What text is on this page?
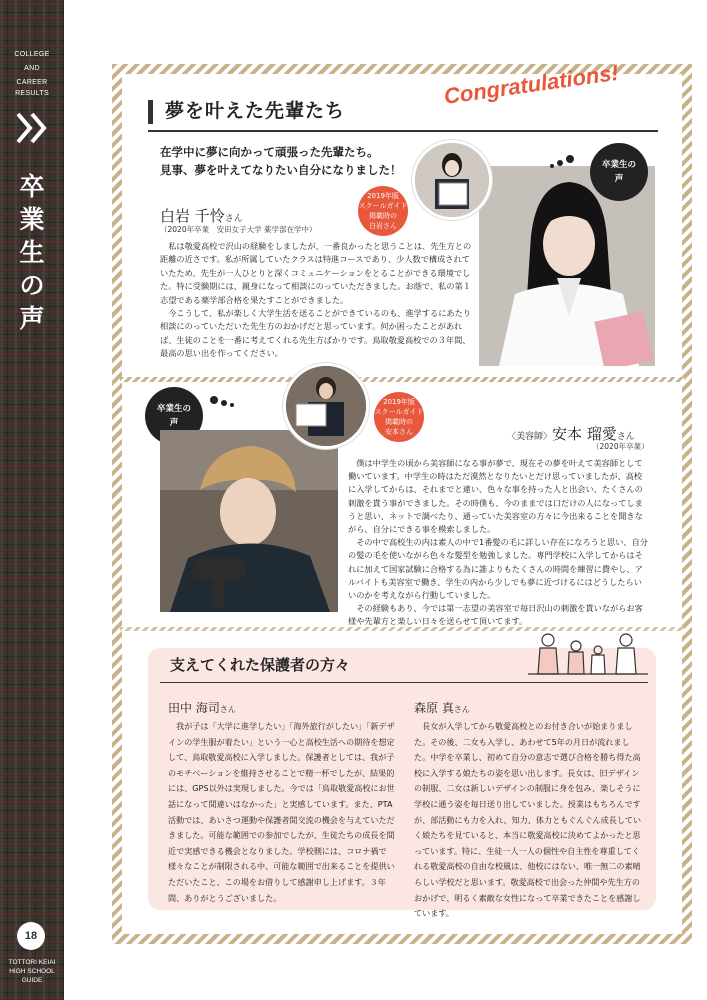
COLLEGE
AND
CAREER RESULTS
卒
業
生
の
声
18
TOTTORI KEIAI
HIGH SCHOOL
GUIDE
夢を叶えた先輩たち
Congratulations!
在学中に夢に向かって頑張った先輩たち。
見事、夢を叶えてなりたい自分になりました！
白岩 千怜さん
（2020年卒業　安田女子大学 薬学部在学中）

私は敬愛高校で沢山の経験をしましたが、一番良かったと思うことは、先生方との距離の近さです。私が所属していたクラスは特進コースであり、少人数で構成されていたため、先生が一人ひとりと深くコミュニケーションをとることができる環境でした。特に受験期には、親身になって相談にのっていただきました。お蔭で、私の第１志望である薬学部合格を果たすことができました。

今こうして、私が楽しく大学生活を送ることができているのも、進学するにあたり相談にのっていただいた先生方のおかげだと思っています。何か困ったことがあれば、生徒のことを一番に考えてくれる先生方ばかりです。鳥取敬愛高校での３年間、最高の思い出を作ってください。

2019年版
スクールガイド
掲載時の
白岩さん
卒業生の
声
卒業生の
声
2019年版
スクールガイド
掲載時の
安本さん	〈美容師〉安本 瑠愛さん
（2020年卒業）

僕は中学生の頃から美容師になる事が夢で、現在その夢を叶えて美容師として働いています。中学生の時はただ漠然となりたいとだけ思っていましたが、高校に入学してからは、それまでと違い、色々な事を持った人と出会い、たくさんの刺激を貰う事ができました。その時僕も、今のままでは口だけの人になってしまうと思い、ネットで調べたり、通っていた美容室の方々に今出来ることを聞きながら、自分にできる事を模索しました。

その中で高校生の内は素人の中で1番髪の毛に詳しい存在になろうと思い、自分の髪の毛を使いながら色々な髪型を勉強しました。専門学校に入学してからはそれに加えて国家試験に合格する為に誰よりもたくさんの時間を練習に費やし、アルバイトも美容室で働き、学生の内から少しでも夢に近づけるにはどうしたらいいのかを考えながら行動していました。

その経験もあり、今では第一志望の美容室で毎日沢山の刺激を貰いながらお客様や先輩方と楽しい日々を送らせて頂いてます。

支えてくれた保護者の方々
田中 海司さん
我が子は「大学に進学したい」「海外旅行がしたい」「新デザインの学生服が着たい」という一心と高校生活への期待を想定して、鳥取敬愛高校に入学しました。保護者としては、我が子のモチベーションを維持させることで精一杯でしたが、結果的には、GPS以外は実現しました。今では「鳥取敬愛高校にお世話になって間違いはなかった」と実感しています。また、PTA活動では、あいさつ運動や保護者間交流の機会を与えていただきました。可能な範囲での参加でしたが、生徒たちの成長を間近で実感できる機会となりました。学校側には、コロナ禍で様々なことが制限される中、可能な範囲で出来ることを提供いただいたこと、この場をお借りして感謝申し上げます。３年間、ありがとうございました。
森原 真さん
長女が入学してから敬愛高校とのお付き合いが始まりました。その後、二女も入学し、あわせて5年の月日が流れました。中学を卒業し、初めて自分の意志で選び合格を勝ち得た高校に入学する娘たちの姿を思い出します。長女は、旧デザインの制服、二女は新しいデザインの制服に身を包み、楽しそうに学校に通う姿を毎日送り出していました。授業はもちろんですが、部活動にも力を入れ、知力、体力ともぐんぐん成長していく娘たちを見ていると、本当に敬愛高校に決めてよかったと思っています。特に、生徒一人一人の個性や自主性を尊重してくれる敬愛高校の自由な校風は、他校にはない、唯一無二の素晴らしい学校だと思います。敬愛高校で出会った仲間や先生方のおかげで、明るく素敵な女性になって卒業できたことを感謝しています。
